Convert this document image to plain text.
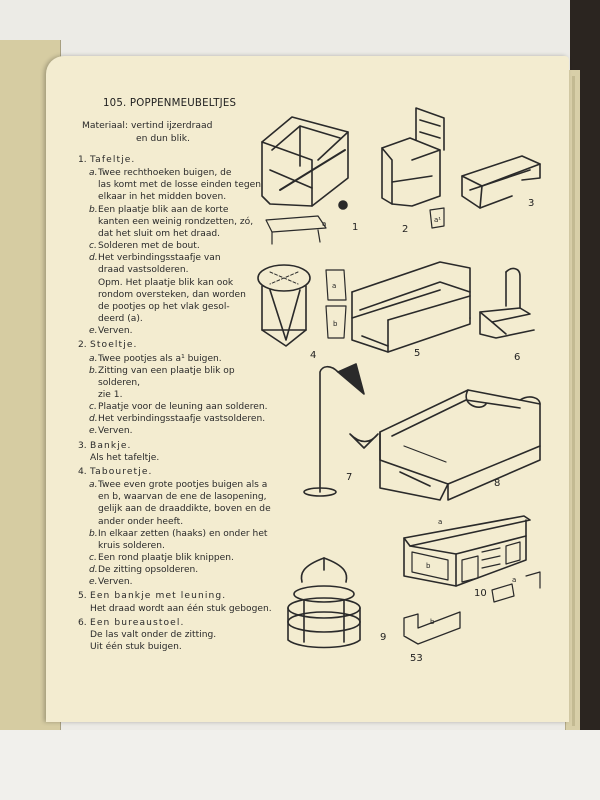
105. POPPENMEUBELTJES
Materiaal: vertind ijzerdraad
en dun blik.
1. Tafeltje.
a. Twee rechthoeken buigen, de
las komt met de losse einden tegen
elkaar in het midden boven.
b. Een plaatje blik aan de korte
kanten een weinig rondzetten, zó,
dat het sluit om het draad.
c. Solderen met de bout.
d. Het verbindingsstaafje van
draad vastsolderen.
Opm. Het plaatje blik kan ook
rondom oversteken, dan worden
de pootjes op het vlak gesol-
deerd (a).
e. Verven.
2. Stoeltje.
a. Twee pootjes als a¹ buigen.
b. Zitting van een plaatje blik op solderen,
zie 1.
c. Plaatje voor de leuning aan solderen.
d. Het verbindingsstaafje vastsolderen.
e. Verven.
3. Bankje.
Als het tafeltje.
4. Tabouretje.
a. Twee even grote pootjes buigen als a
en b, waarvan de ene de lasopening,
gelijk aan de draaddikte, boven en de
ander onder heeft.
b. In elkaar zetten (haaks) en onder het
kruis solderen.
c. Een rond plaatje blik knippen.
d. De zitting opsolderen.
e. Verven.
5. Een bankje met leuning.
Het draad wordt aan één stuk gebogen.
6. Een bureaustoel.
De las valt onder de zitting.
Uit één stuk buigen.
1	2
3
4	5	6
7
8
9
10
53
a	a¹
a
b
a
b
a
b
